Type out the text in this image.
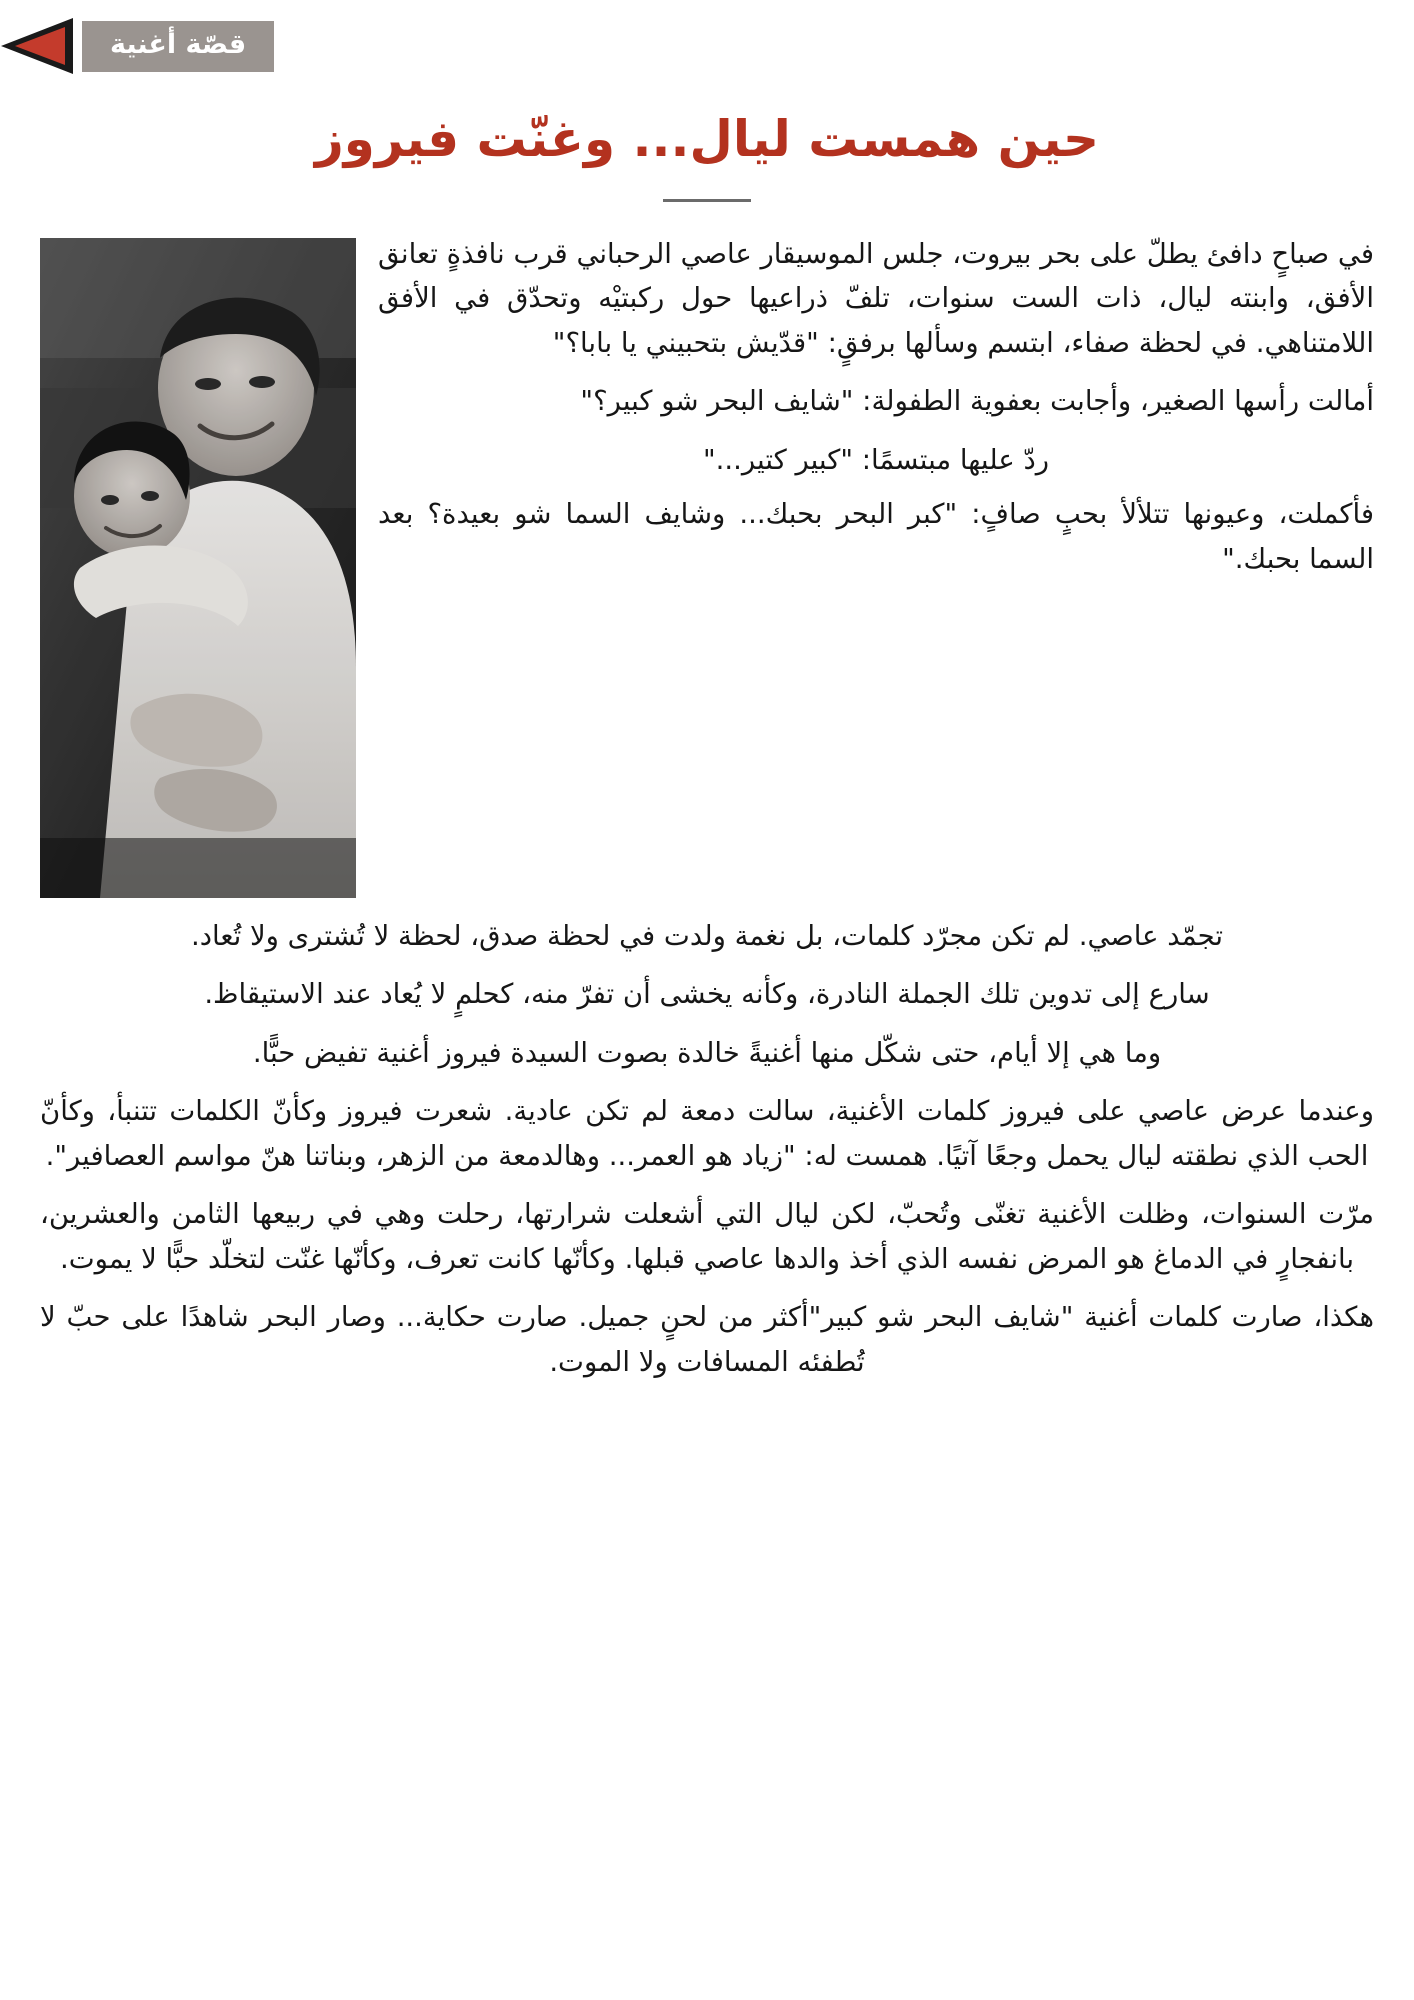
قصّة أغنية
حين همست ليال... وغنّت فيروز

في صباحٍ دافئ يطلّ على بحر بيروت، جلس الموسيقار عاصي الرحباني قرب نافذةٍ تعانق الأفق، وابنته ليال، ذات الست سنوات، تلفّ ذراعيها حول ركبتيْه وتحدّق في الأفق اللامتناهي. في لحظة صفاء، ابتسم وسألها برفقٍ: "قدّيش بتحبيني يا بابا؟"

أمالت رأسها الصغير، وأجابت بعفوية الطفولة: "شايف البحر شو كبير؟"

ردّ عليها مبتسمًا: "كبير كتير..."

فأكملت، وعيونها تتلألأ بحبٍ صافٍ: "كبر البحر بحبك... وشايف السما شو بعيدة؟ بعد السما بحبك."

تجمّد عاصي. لم تكن مجرّد كلمات، بل نغمة ولدت في لحظة صدق، لحظة لا تُشترى ولا تُعاد.

سارع إلى تدوين تلك الجملة النادرة، وكأنه يخشى أن تفرّ منه، كحلمٍ لا يُعاد عند الاستيقاظ.

وما هي إلا أيام، حتى شكّل منها أغنيةً خالدة بصوت السيدة فيروز أغنية تفيض حبًّا.

وعندما عرض عاصي على فيروز كلمات الأغنية، سالت دمعة لم تكن عادية. شعرت فيروز وكأنّ الكلمات تتنبأ، وكأنّ الحب الذي نطقته ليال يحمل وجعًا آتيًا. همست له: "زياد هو العمر... وهالدمعة من الزهر، وبناتنا هنّ مواسم العصافير".

مرّت السنوات، وظلت الأغنية تغنّى وتُحبّ، لكن ليال التي أشعلت شرارتها، رحلت وهي في ربيعها الثامن والعشرين، بانفجارٍ في الدماغ هو المرض نفسه الذي أخذ والدها عاصي قبلها. وكأنّها كانت تعرف، وكأنّها غنّت لتخلّد حبًّا لا يموت.

هكذا، صارت كلمات أغنية "شايف البحر شو كبير"أكثر من لحنٍ جميل. صارت حكاية... وصار البحر شاهدًا على حبّ لا تُطفئه المسافات ولا الموت.
